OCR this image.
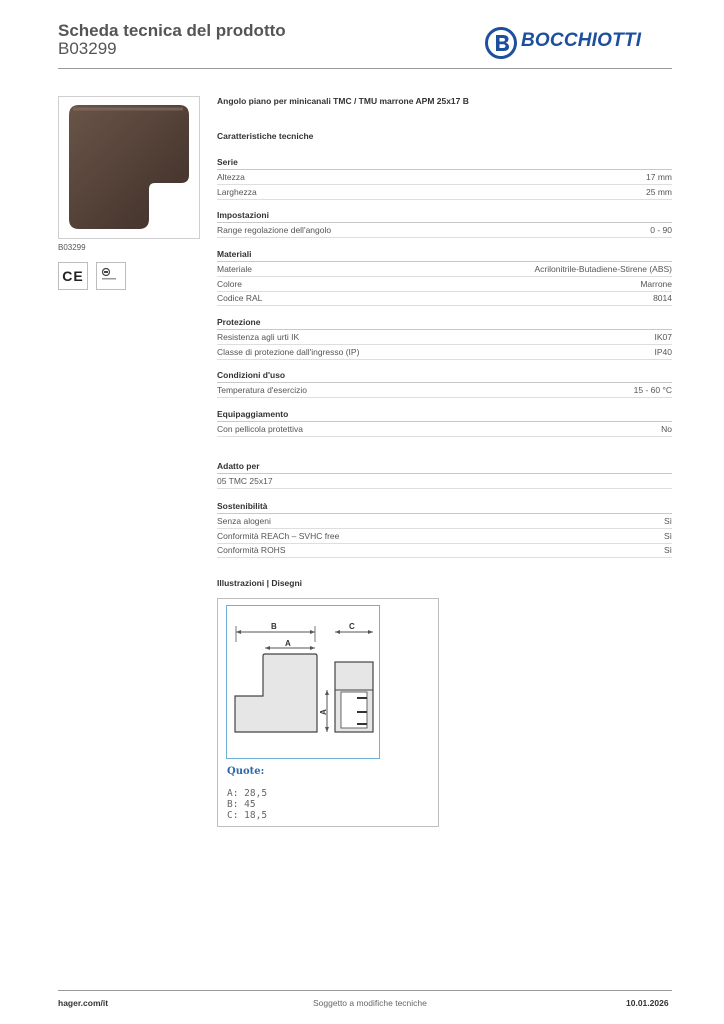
Scheda tecnica del prodotto
B03299	BOCCHIOTTI
B03299
CE
Angolo piano per minicanali TMC / TMU marrone APM 25x17 B
Caratteristiche tecniche
Serie
Altezza	17 mm
Larghezza	25 mm
Impostazioni
Range regolazione dell'angolo	0 - 90
Materiali
Materiale	Acrilonitrile-Butadiene-Stirene (ABS)
Colore	Marrone
Codice RAL	8014
Protezione
Resistenza agli urti IK	IK07
Classe di protezione dall'ingresso (IP)	IP40
Condizioni d'uso
Temperatura d'esercizio	15 - 60 °C
Equipaggiamento
Con pellicola protettiva	No
Adatto per
05 TMC 25x17
Sostenibilità
Senza alogeni	Sì
Conformità REACh – SVHC free	Sì
Conformità ROHS	Sì
Illustrazioni | Disegni
B
A
C
A
Quote:
A: 28,5
B: 45
C: 18,5
hager.com/it	Soggetto a modifiche tecniche	10.01.2026
